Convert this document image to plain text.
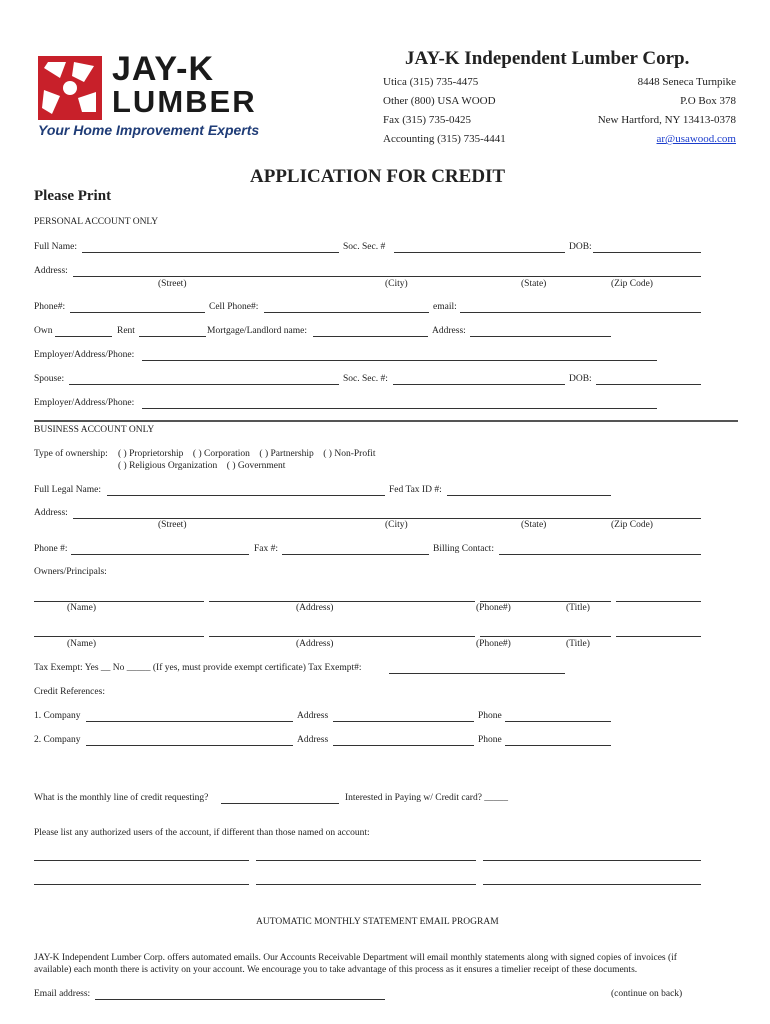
JAY-K
LUMBER
Your Home Improvement Experts
JAY-K Independent Lumber Corp.
Utica (315) 735-4475
Other (800) USA WOOD
Fax (315) 735-0425
Accounting (315) 735-4441
8448 Seneca Turnpike
P.O Box 378
New Hartford, NY 13413-0378
ar@usawood.com
APPLICATION FOR CREDIT
Please Print
PERSONAL ACCOUNT ONLY
Full Name:	Soc. Sec. #	DOB:
Address:
(Street)	(City)	(State)	(Zip Code)
Phone#:	Cell Phone#:	email:
Own	Rent	Mortgage/Landlord name:	Address:
Employer/Address/Phone:
Spouse:	Soc. Sec. #:	DOB:
Employer/Address/Phone:
BUSINESS ACCOUNT ONLY
Type of ownership: ( ) Proprietorship    ( ) Corporation    ( ) Partnership    ( ) Non-Profit
( ) Religious Organization    ( ) Government
Full Legal Name:	Fed Tax ID #:
Address:
(Street)	(City)	(State)	(Zip Code)
Phone #:	Fax #:	Billing Contact:
Owners/Principals:
(Name)	(Address)	(Phone#)	(Title)
(Name)	(Address)	(Phone#)	(Title)
Tax Exempt: Yes __ No _____ (If yes, must provide exempt certificate) Tax Exempt#:
Credit References:
1. Company	Address	Phone
2. Company	Address	Phone
What is the monthly line of credit requesting?	Interested in Paying w/ Credit card? _____
Please list any authorized users of the account, if different than those named on account:
AUTOMATIC MONTHLY STATEMENT EMAIL PROGRAM
JAY-K Independent Lumber Corp. offers automated emails. Our Accounts Receivable Department will email monthly statements along with signed copies of invoices (if
available) each month there is activity on your account. We encourage you to take advantage of this process as it ensures a timelier receipt of these documents.
Email address:	(continue on back)
